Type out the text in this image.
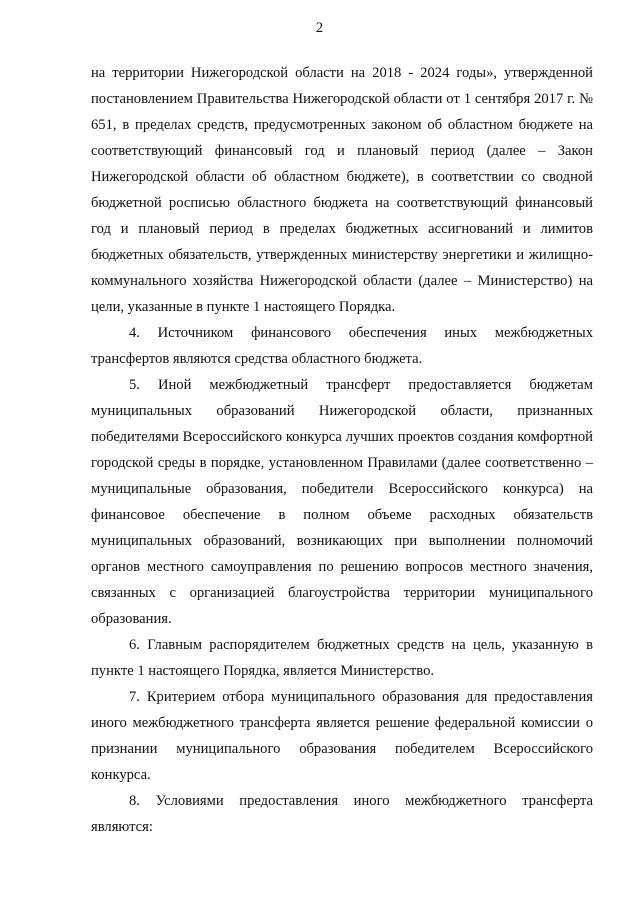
2

на территории Нижегородской области на 2018 - 2024 годы», утвержденной постановлением Правительства Нижегородской области от 1 сентября 2017 г. № 651, в пределах средств, предусмотренных законом об областном бюджете на соответствующий финансовый год и плановый период (далее – Закон Нижегородской области об областном бюджете), в соответствии со сводной бюджетной росписью областного бюджета на соответствующий финансовый год и плановый период в пределах бюджетных ассигнований и лимитов бюджетных обязательств, утвержденных министерству энергетики и жилищно-коммунального хозяйства Нижегородской области (далее – Министерство) на цели, указанные в пункте 1 настоящего Порядка.

4. Источником финансового обеспечения иных межбюджетных трансфертов являются средства областного бюджета.

5. Иной межбюджетный трансферт предоставляется бюджетам муниципальных образований Нижегородской области, признанных победителями Всероссийского конкурса лучших проектов создания комфортной городской среды в порядке, установленном Правилами (далее соответственно – муниципальные образования, победители Всероссийского конкурса) на финансовое обеспечение в полном объеме расходных обязательств муниципальных образований, возникающих при выполнении полномочий органов местного самоуправления по решению вопросов местного значения, связанных с организацией благоустройства территории муниципального образования.

6. Главным распорядителем бюджетных средств на цель, указанную в пункте 1 настоящего Порядка, является Министерство.

7. Критерием отбора муниципального образования для предоставления иного межбюджетного трансферта является решение федеральной комиссии о признании муниципального образования победителем Всероссийского конкурса.

8. Условиями предоставления иного межбюджетного трансферта являются:
